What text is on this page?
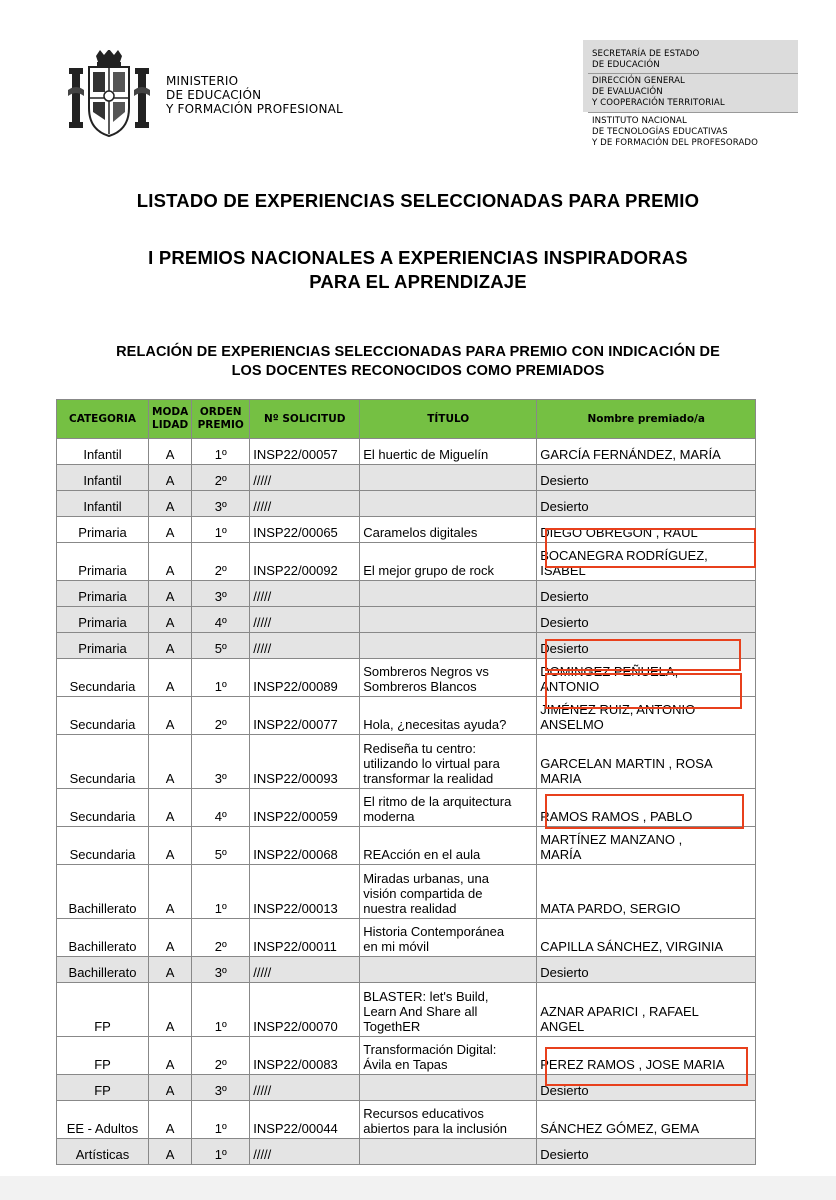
MINISTERIO
DE EDUCACIÓN
Y FORMACIÓN PROFESIONAL
SECRETARÍA DE ESTADO
DE EDUCACIÓN
DIRECCIÓN GENERAL
DE EVALUACIÓN
Y COOPERACIÓN TERRITORIAL
INSTITUTO NACIONAL
DE TECNOLOGÍAS EDUCATIVAS
Y DE FORMACIÓN DEL PROFESORADO
LISTADO DE EXPERIENCIAS SELECCIONADAS PARA PREMIO
I PREMIOS NACIONALES A EXPERIENCIAS INSPIRADORAS
PARA EL APRENDIZAJE
RELACIÓN DE EXPERIENCIAS SELECCIONADAS PARA PREMIO CON INDICACIÓN DE
LOS DOCENTES RECONOCIDOS COMO PREMIADOS
CATEGORIA	MODA
LIDAD	ORDEN
PREMIO	Nº SOLICITUD	TÍTULO	Nombre premiado/a
Infantil	A	1º	INSP22/00057	El huertic de Miguelín	GARCÍA FERNÁNDEZ, MARÍA
Infantil	A	2º	/////		Desierto
Infantil	A	3º	/////		Desierto
Primaria	A	1º	INSP22/00065	Caramelos digitales	DIEGO OBREGON , RAUL
Primaria	A	2º	INSP22/00092	El mejor grupo de rock	BOCANEGRA RODRÍGUEZ,
ISABEL
Primaria	A	3º	/////		Desierto
Primaria	A	4º	/////		Desierto
Primaria	A	5º	/////		Desierto
Secundaria	A	1º	INSP22/00089	Sombreros Negros vs
Sombreros Blancos	DOMINGEZ PEÑUELA,
ANTONIO
Secundaria	A	2º	INSP22/00077	Hola, ¿necesitas ayuda?	JIMÉNEZ RUIZ, ANTONIO
ANSELMO
Secundaria	A	3º	INSP22/00093	Rediseña tu centro:
utilizando lo virtual para
transformar la realidad	GARCELAN MARTIN , ROSA
MARIA
Secundaria	A	4º	INSP22/00059	El ritmo de la arquitectura
moderna	RAMOS RAMOS , PABLO
Secundaria	A	5º	INSP22/00068	REAcción en el aula	MARTÍNEZ MANZANO ,
MARÍA
Bachillerato	A	1º	INSP22/00013	Miradas urbanas, una
visión compartida de
nuestra realidad	MATA PARDO, SERGIO
Bachillerato	A	2º	INSP22/00011	Historia Contemporánea
en mi móvil	CAPILLA SÁNCHEZ, VIRGINIA
Bachillerato	A	3º	/////		Desierto
FP	A	1º	INSP22/00070	BLASTER: let's Build,
Learn And Share all
TogethER	AZNAR APARICI , RAFAEL
ANGEL
FP	A	2º	INSP22/00083	Transformación Digital:
Ávila en Tapas	PEREZ RAMOS , JOSE MARIA
FP	A	3º	/////		Desierto
EE - Adultos	A	1º	INSP22/00044	Recursos educativos
abiertos para la inclusión	SÁNCHEZ GÓMEZ, GEMA
Artísticas	A	1º	/////		Desierto
